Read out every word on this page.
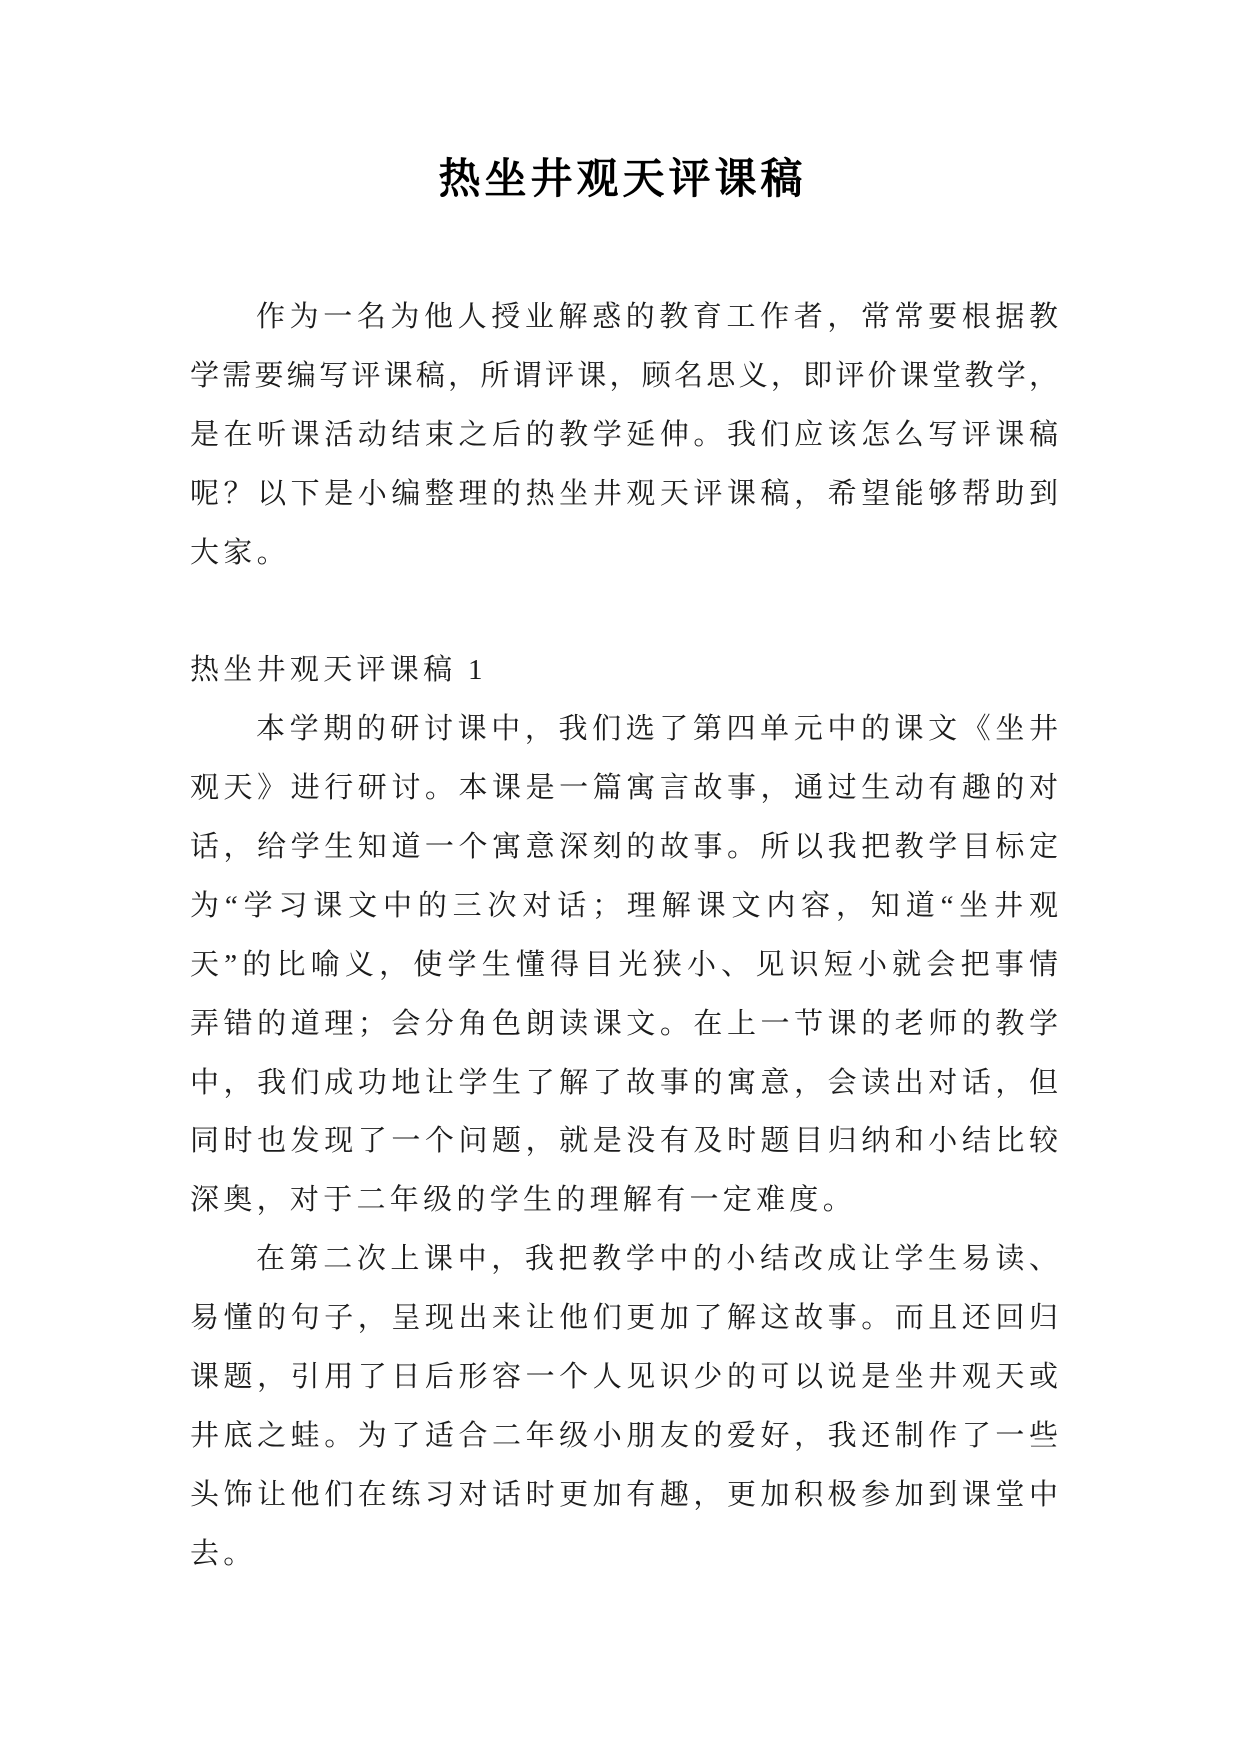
热坐井观天评课稿
作为一名为他人授业解惑的教育工作者，常常要根据教
学需要编写评课稿，所谓评课，顾名思义，即评价课堂教学，
是在听课活动结束之后的教学延伸。我们应该怎么写评课稿
呢？以下是小编整理的热坐井观天评课稿，希望能够帮助到
大家。
热坐井观天评课稿 1
本学期的研讨课中，我们选了第四单元中的课文《坐井
观天》进行研讨。本课是一篇寓言故事，通过生动有趣的对
话，给学生知道一个寓意深刻的故事。所以我把教学目标定
为“学习课文中的三次对话；理解课文内容，知道“坐井观
天”的比喻义，使学生懂得目光狭小、见识短小就会把事情
弄错的道理；会分角色朗读课文。在上一节课的老师的教学
中，我们成功地让学生了解了故事的寓意，会读出对话，但
同时也发现了一个问题，就是没有及时题目归纳和小结比较
深奥，对于二年级的学生的理解有一定难度。
在第二次上课中，我把教学中的小结改成让学生易读、
易懂的句子，呈现出来让他们更加了解这故事。而且还回归
课题，引用了日后形容一个人见识少的可以说是坐井观天或
井底之蛙。为了适合二年级小朋友的爱好，我还制作了一些
头饰让他们在练习对话时更加有趣，更加积极参加到课堂中
去。
